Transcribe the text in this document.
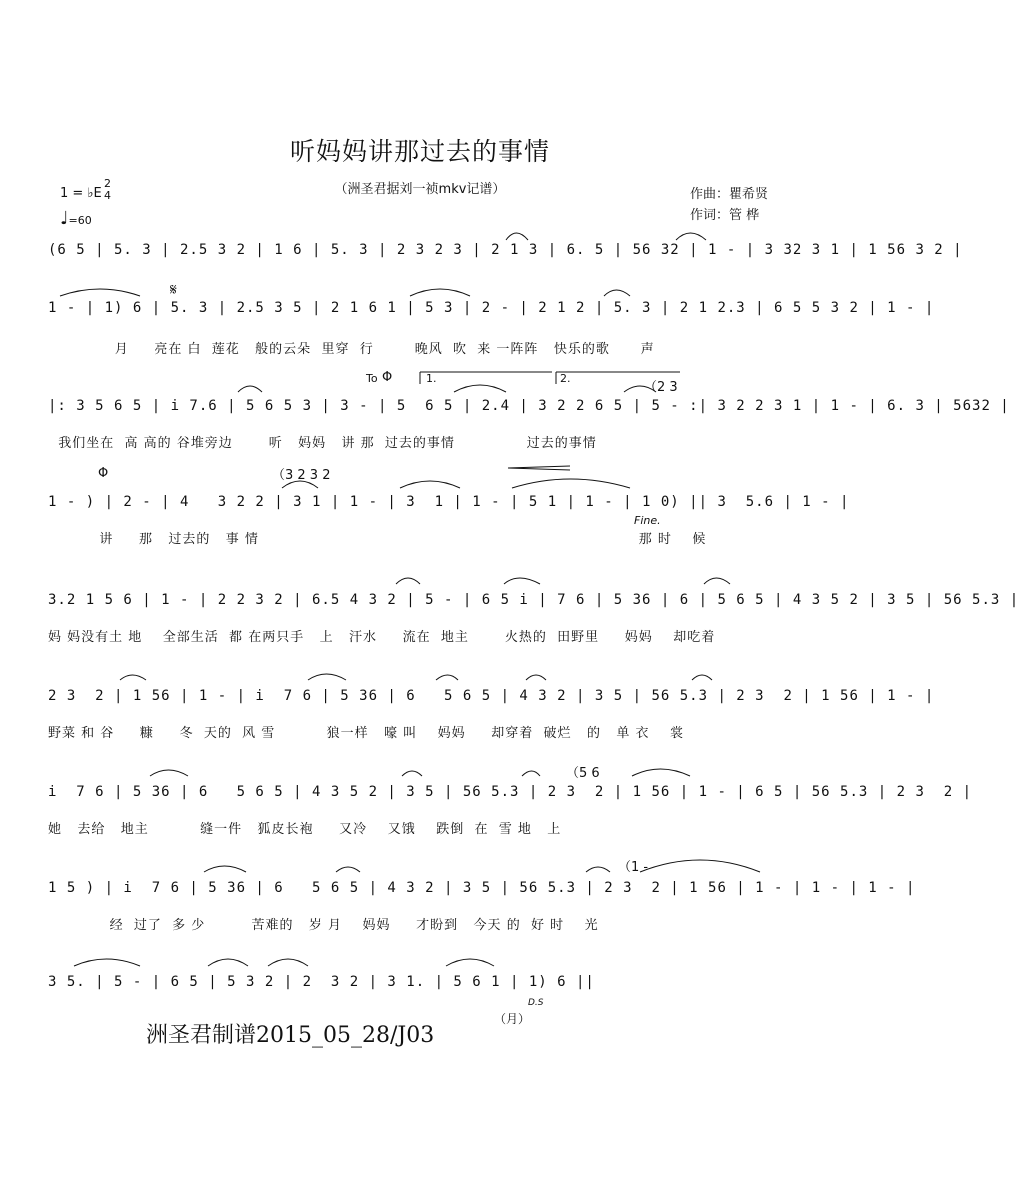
听妈妈讲那过去的事情
（洲圣君据刘一祯mkv记谱）
1 = ♭E
2
4
♩=60
作曲：瞿希贤
作词：管 桦
(6 5 | 5. 3 | 2.5 3 2 | 1 6 | 5. 3 | 2 3 2 3 | 2 1 3 | 6. 5 | 56 32 | 1 - | 3 32 3 1 | 1 56 3 2 |
1 - | 1) 6 | 5. 3 | 2.5 3 5 | 2 1 6 1 | 5 3 | 2 - | 2 1 2 | 5. 3 | 2 1 2.3 | 6 5 5 3 2 | 1 - |
月     亮在 白  莲花   般的云朵  里穿  行        晚风  吹  来 一阵阵   快乐的歌      声
|: 3 5 6 5 | i 7.6 | 5 6 5 3 | 3 - | 5  6 5 | 2.4 | 3 2 2 6 5 | 5 - :| 3 2 2 3 1 | 1 - | 6. 3 | 5632 |
我们坐在  高 高的 谷堆旁边       听   妈妈   讲 那  过去的事情              过去的事情
1 - ) | 2 - | 4   3 2 2 | 3 1 | 1 - | 3  1 | 1 - | 5 1 | 1 - | 1 0) || 3  5.6 | 1 - |
讲     那   过去的   事 情                                                                          那 时    候
3.2 1 5 6 | 1 - | 2 2 3 2 | 6.5 4 3 2 | 5 - | 6 5 i | 7 6 | 5 36 | 6 | 5 6 5 | 4 3 5 2 | 3 5 | 56 5.3 |
妈 妈没有土 地    全部生活  都 在两只手   上   汗水     流在  地主       火热的  田野里     妈妈    却吃着
2 3  2 | 1 56 | 1 - | i  7 6 | 5 36 | 6   5 6 5 | 4 3 2 | 3 5 | 56 5.3 | 2 3  2 | 1 56 | 1 - |
野菜 和 谷     糠     冬  天的  风 雪          狼一样   嚎 叫    妈妈     却穿着  破烂   的   单 衣    裳
i  7 6 | 5 36 | 6   5 6 5 | 4 3 5 2 | 3 5 | 56 5.3 | 2 3  2 | 1 56 | 1 - | 6 5 | 56 5.3 | 2 3  2 |
她   去给   地主          缝一件   狐皮长袍     又冷    又饿    跌倒  在  雪 地   上
1 5 ) | i  7 6 | 5 36 | 6   5 6 5 | 4 3 2 | 3 5 | 56 5.3 | 2 3  2 | 1 56 | 1 - | 1 - | 1 - |
经  过了  多 少         苦难的   岁 月    妈妈     才盼到   今天 的  好 时    光
3 5. | 5 - | 6 5 | 5 3 2 | 2  3 2 | 3 1. | 5 6 1 | 1) 6 ||
𝄋
To Φ	1.	2.
Φ
Fine.
D.S
（月）
（2 3
（3 2 3 2
（5 6
（1 -
洲圣君制谱2015_05_28/J03
